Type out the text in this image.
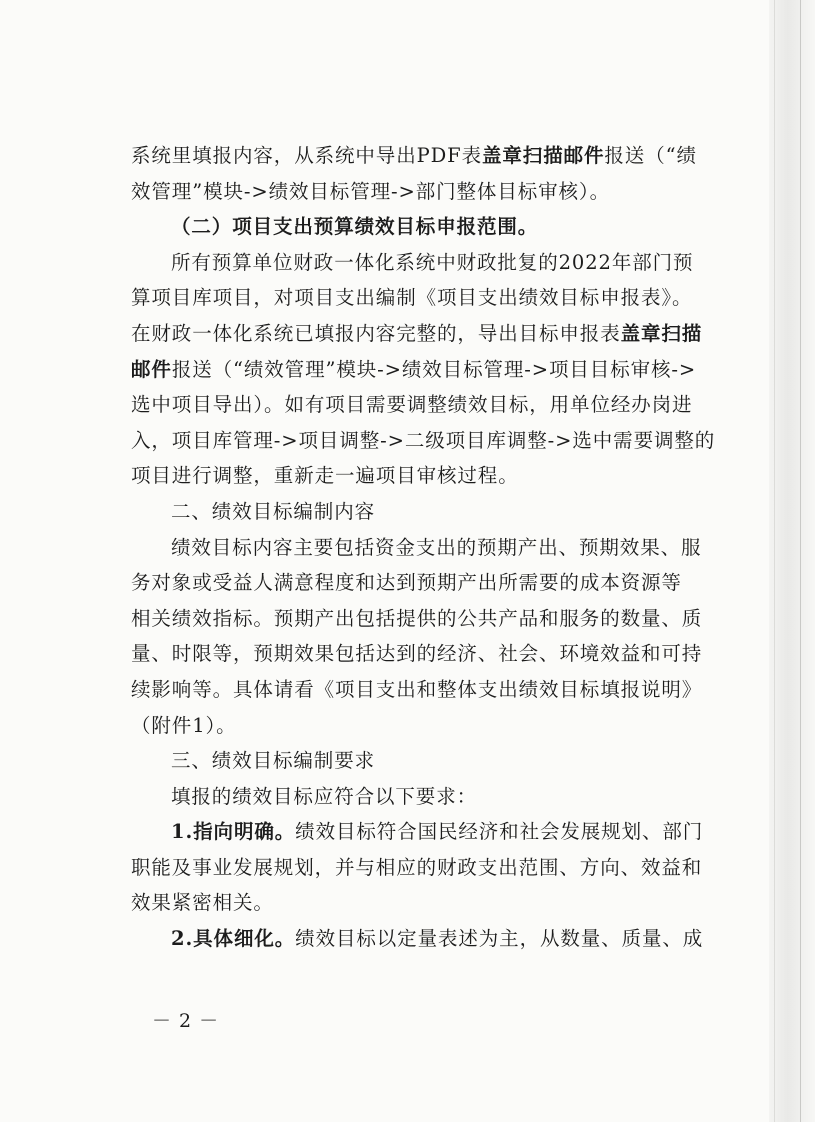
系统里填报内容，从系统中导出PDF表盖章扫描邮件报送（“绩
效管理”模块->绩效目标管理->部门整体目标审核）。
（二）项目支出预算绩效目标申报范围。
所有预算单位财政一体化系统中财政批复的2022年部门预
算项目库项目，对项目支出编制《项目支出绩效目标申报表》。
在财政一体化系统已填报内容完整的，导出目标申报表盖章扫描
邮件报送（“绩效管理”模块->绩效目标管理->项目目标审核->
选中项目导出）。如有项目需要调整绩效目标，用单位经办岗进
入，项目库管理->项目调整->二级项目库调整->选中需要调整的
项目进行调整，重新走一遍项目审核过程。
二、绩效目标编制内容
绩效目标内容主要包括资金支出的预期产出、预期效果、服
务对象或受益人满意程度和达到预期产出所需要的成本资源等
相关绩效指标。预期产出包括提供的公共产品和服务的数量、质
量、时限等，预期效果包括达到的经济、社会、环境效益和可持
续影响等。具体请看《项目支出和整体支出绩效目标填报说明》
（附件1）。
三、绩效目标编制要求
填报的绩效目标应符合以下要求：
1.指向明确。绩效目标符合国民经济和社会发展规划、部门
职能及事业发展规划，并与相应的财政支出范围、方向、效益和
效果紧密相关。
2.具体细化。绩效目标以定量表述为主，从数量、质量、成
－ 2 －
